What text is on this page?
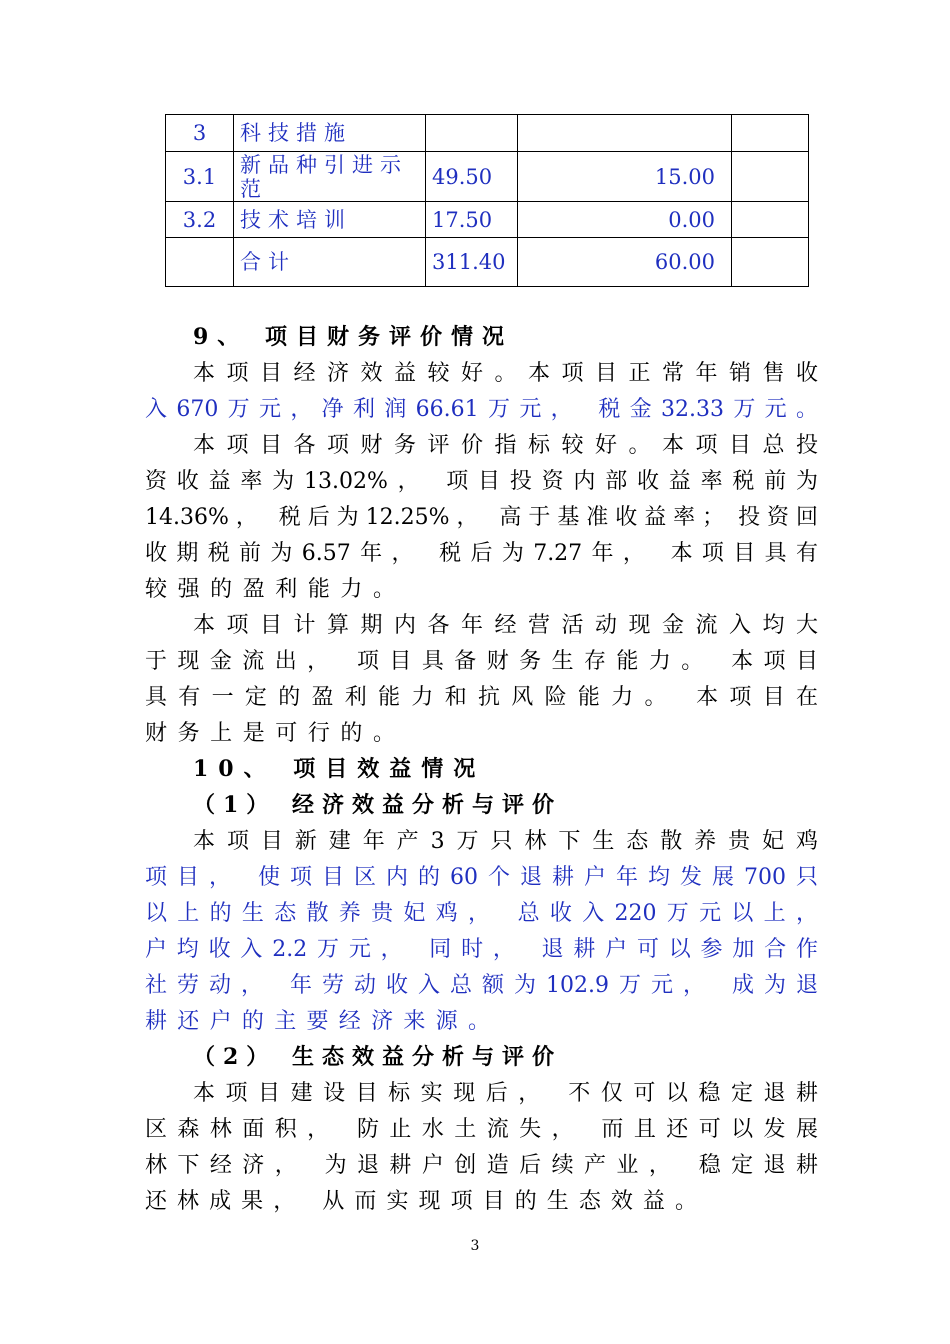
3	科技措施			
3.1	新品种引进示范	49.50	15.00	
3.2	技术培训	17.50	0.00	
	合计	311.40	60.00	
9、 项目财务评价情况
本项目经济效益较好。本项目正常年销售收
入670万元，净利润66.61万元， 税金32.33万元。
本项目各项财务评价指标较好。本项目总投
资收益率为13.02%， 项目投资内部收益率税前为
14.36%， 税后为12.25%， 高于基准收益率； 投资回
收期税前为6.57年， 税后为7.27年， 本项目具有
较强的盈利能力。
本项目计算期内各年经营活动现金流入均大
于现金流出， 项目具备财务生存能力。 本项目
具有一定的盈利能力和抗风险能力。 本项目在
财务上是可行的。
10、 项目效益情况
（1） 经济效益分析与评价
本项目新建年产3万只林下生态散养贵妃鸡
项目， 使项目区内的60个退耕户年均发展700只
以上的生态散养贵妃鸡， 总收入220万元以上，
户均收入2.2万元， 同时， 退耕户可以参加合作
社劳动， 年劳动收入总额为102.9万元， 成为退
耕还户的主要经济来源。
（2） 生态效益分析与评价
本项目建设目标实现后， 不仅可以稳定退耕
区森林面积， 防止水土流失， 而且还可以发展
林下经济， 为退耕户创造后续产业， 稳定退耕
还林成果， 从而实现项目的生态效益。
3
